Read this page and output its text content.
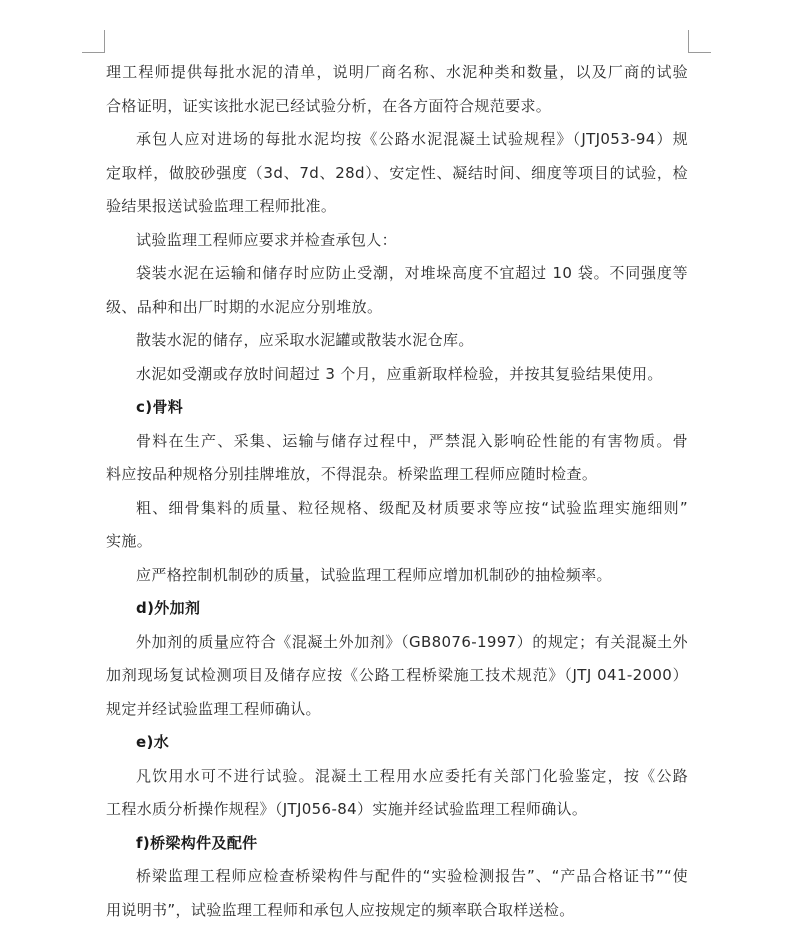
理工程师提供每批水泥的清单，说明厂商名称、水泥种类和数量，以及厂商的试验
合格证明，证实该批水泥已经试验分析，在各方面符合规范要求。
承包人应对进场的每批水泥均按《公路水泥混凝土试验规程》（JTJ053-94）规
定取样，做胶砂强度（3d、7d、28d）、安定性、凝结时间、细度等项目的试验，检
验结果报送试验监理工程师批准。
试验监理工程师应要求并检查承包人：
袋装水泥在运输和储存时应防止受潮，对堆垛高度不宜超过 10 袋。不同强度等
级、品种和出厂时期的水泥应分别堆放。
散装水泥的储存，应采取水泥罐或散装水泥仓库。
水泥如受潮或存放时间超过 3 个月，应重新取样检验，并按其复验结果使用。
c)骨料
骨料在生产、采集、运输与储存过程中，严禁混入影响砼性能的有害物质。骨
料应按品种规格分别挂牌堆放，不得混杂。桥梁监理工程师应随时检查。
粗、细骨集料的质量、粒径规格、级配及材质要求等应按“试验监理实施细则”
实施。
应严格控制机制砂的质量，试验监理工程师应增加机制砂的抽检频率。
d)外加剂
外加剂的质量应符合《混凝土外加剂》（GB8076-1997）的规定；有关混凝土外
加剂现场复试检测项目及储存应按《公路工程桥梁施工技术规范》（JTJ 041-2000）
规定并经试验监理工程师确认。
e)水
凡饮用水可不进行试验。混凝土工程用水应委托有关部门化验鉴定，按《公路
工程水质分析操作规程》（JTJ056-84）实施并经试验监理工程师确认。
f)桥梁构件及配件
桥梁监理工程师应检查桥梁构件与配件的“实验检测报告”、“产品合格证书”“使
用说明书”，试验监理工程师和承包人应按规定的频率联合取样送检。
